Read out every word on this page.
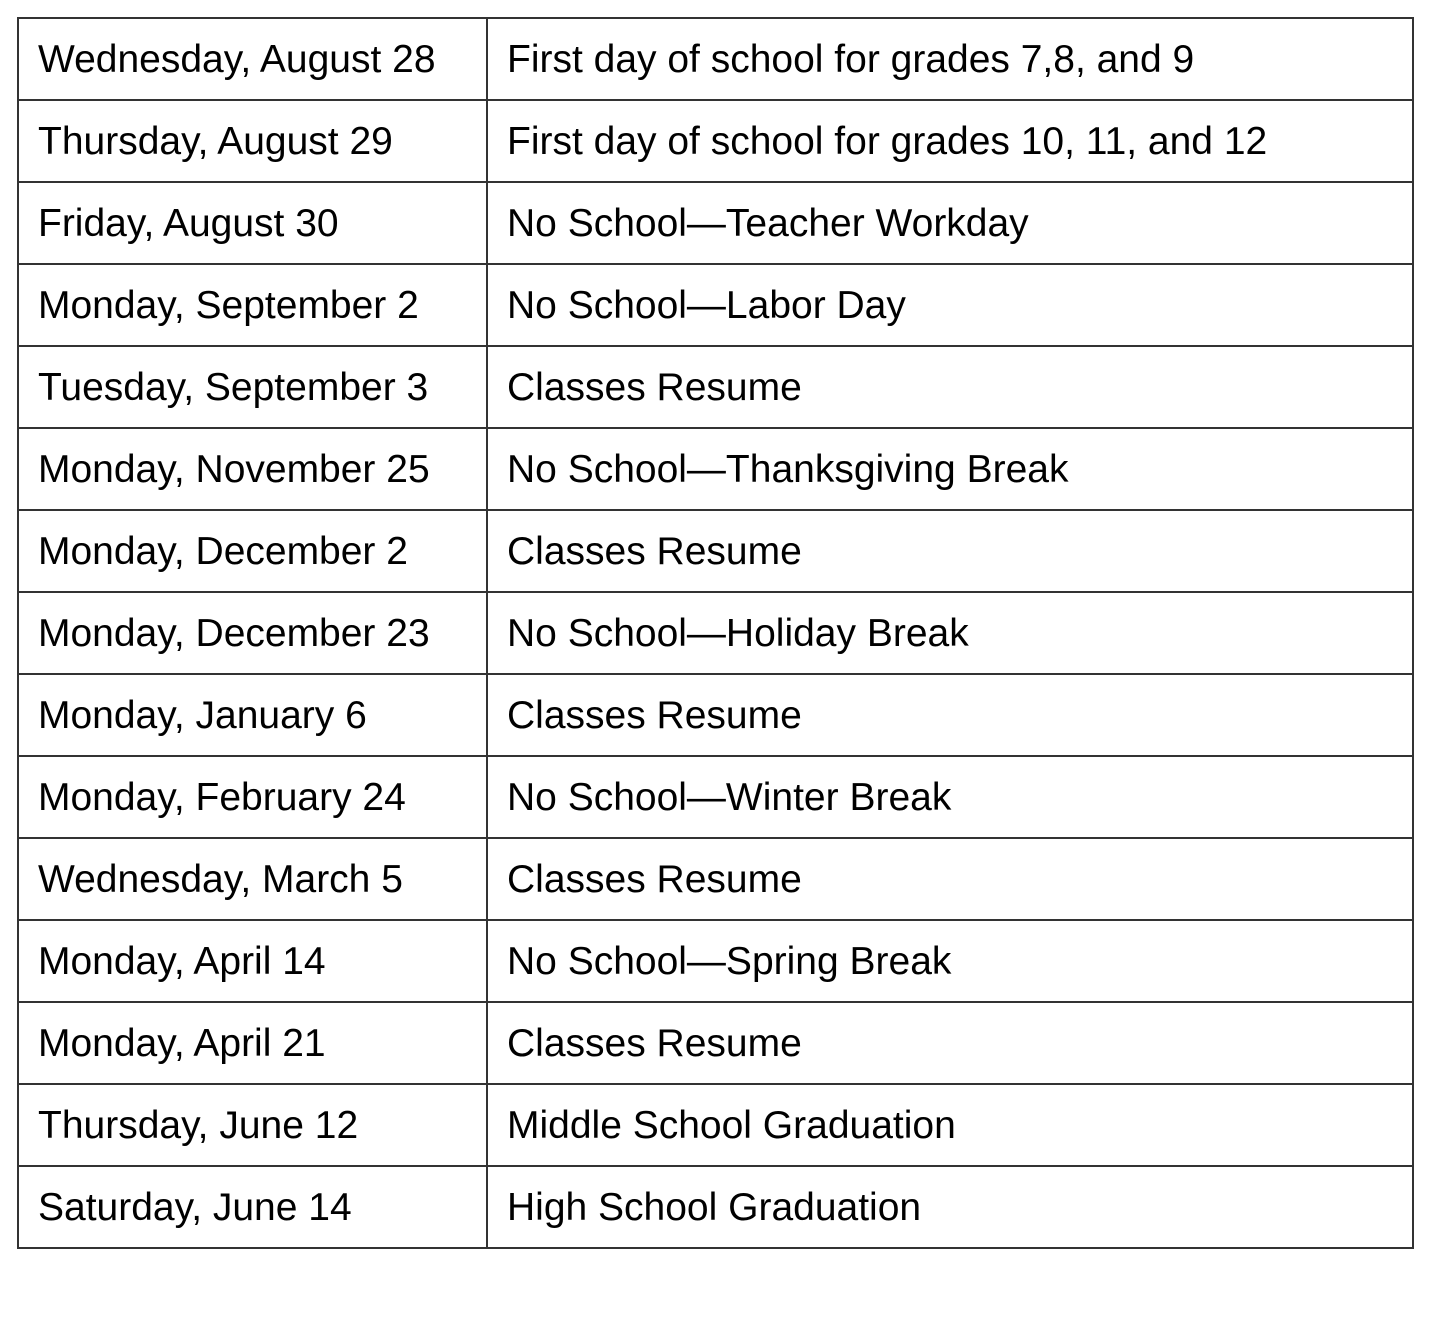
Wednesday, August 28	First day of school for grades 7,8, and 9
Thursday, August 29	First day of school for grades 10, 11, and 12
Friday, August 30	No School—Teacher Workday
Monday, September 2	No School—Labor Day
Tuesday, September 3	Classes Resume
Monday, November 25	No School—Thanksgiving Break
Monday, December 2	Classes Resume
Monday, December 23	No School—Holiday Break
Monday, January 6	Classes Resume
Monday, February 24	No School—Winter Break
Wednesday, March 5	Classes Resume
Monday, April 14	No School—Spring Break
Monday, April 21	Classes Resume
Thursday, June 12	Middle School Graduation
Saturday, June 14	High School Graduation
